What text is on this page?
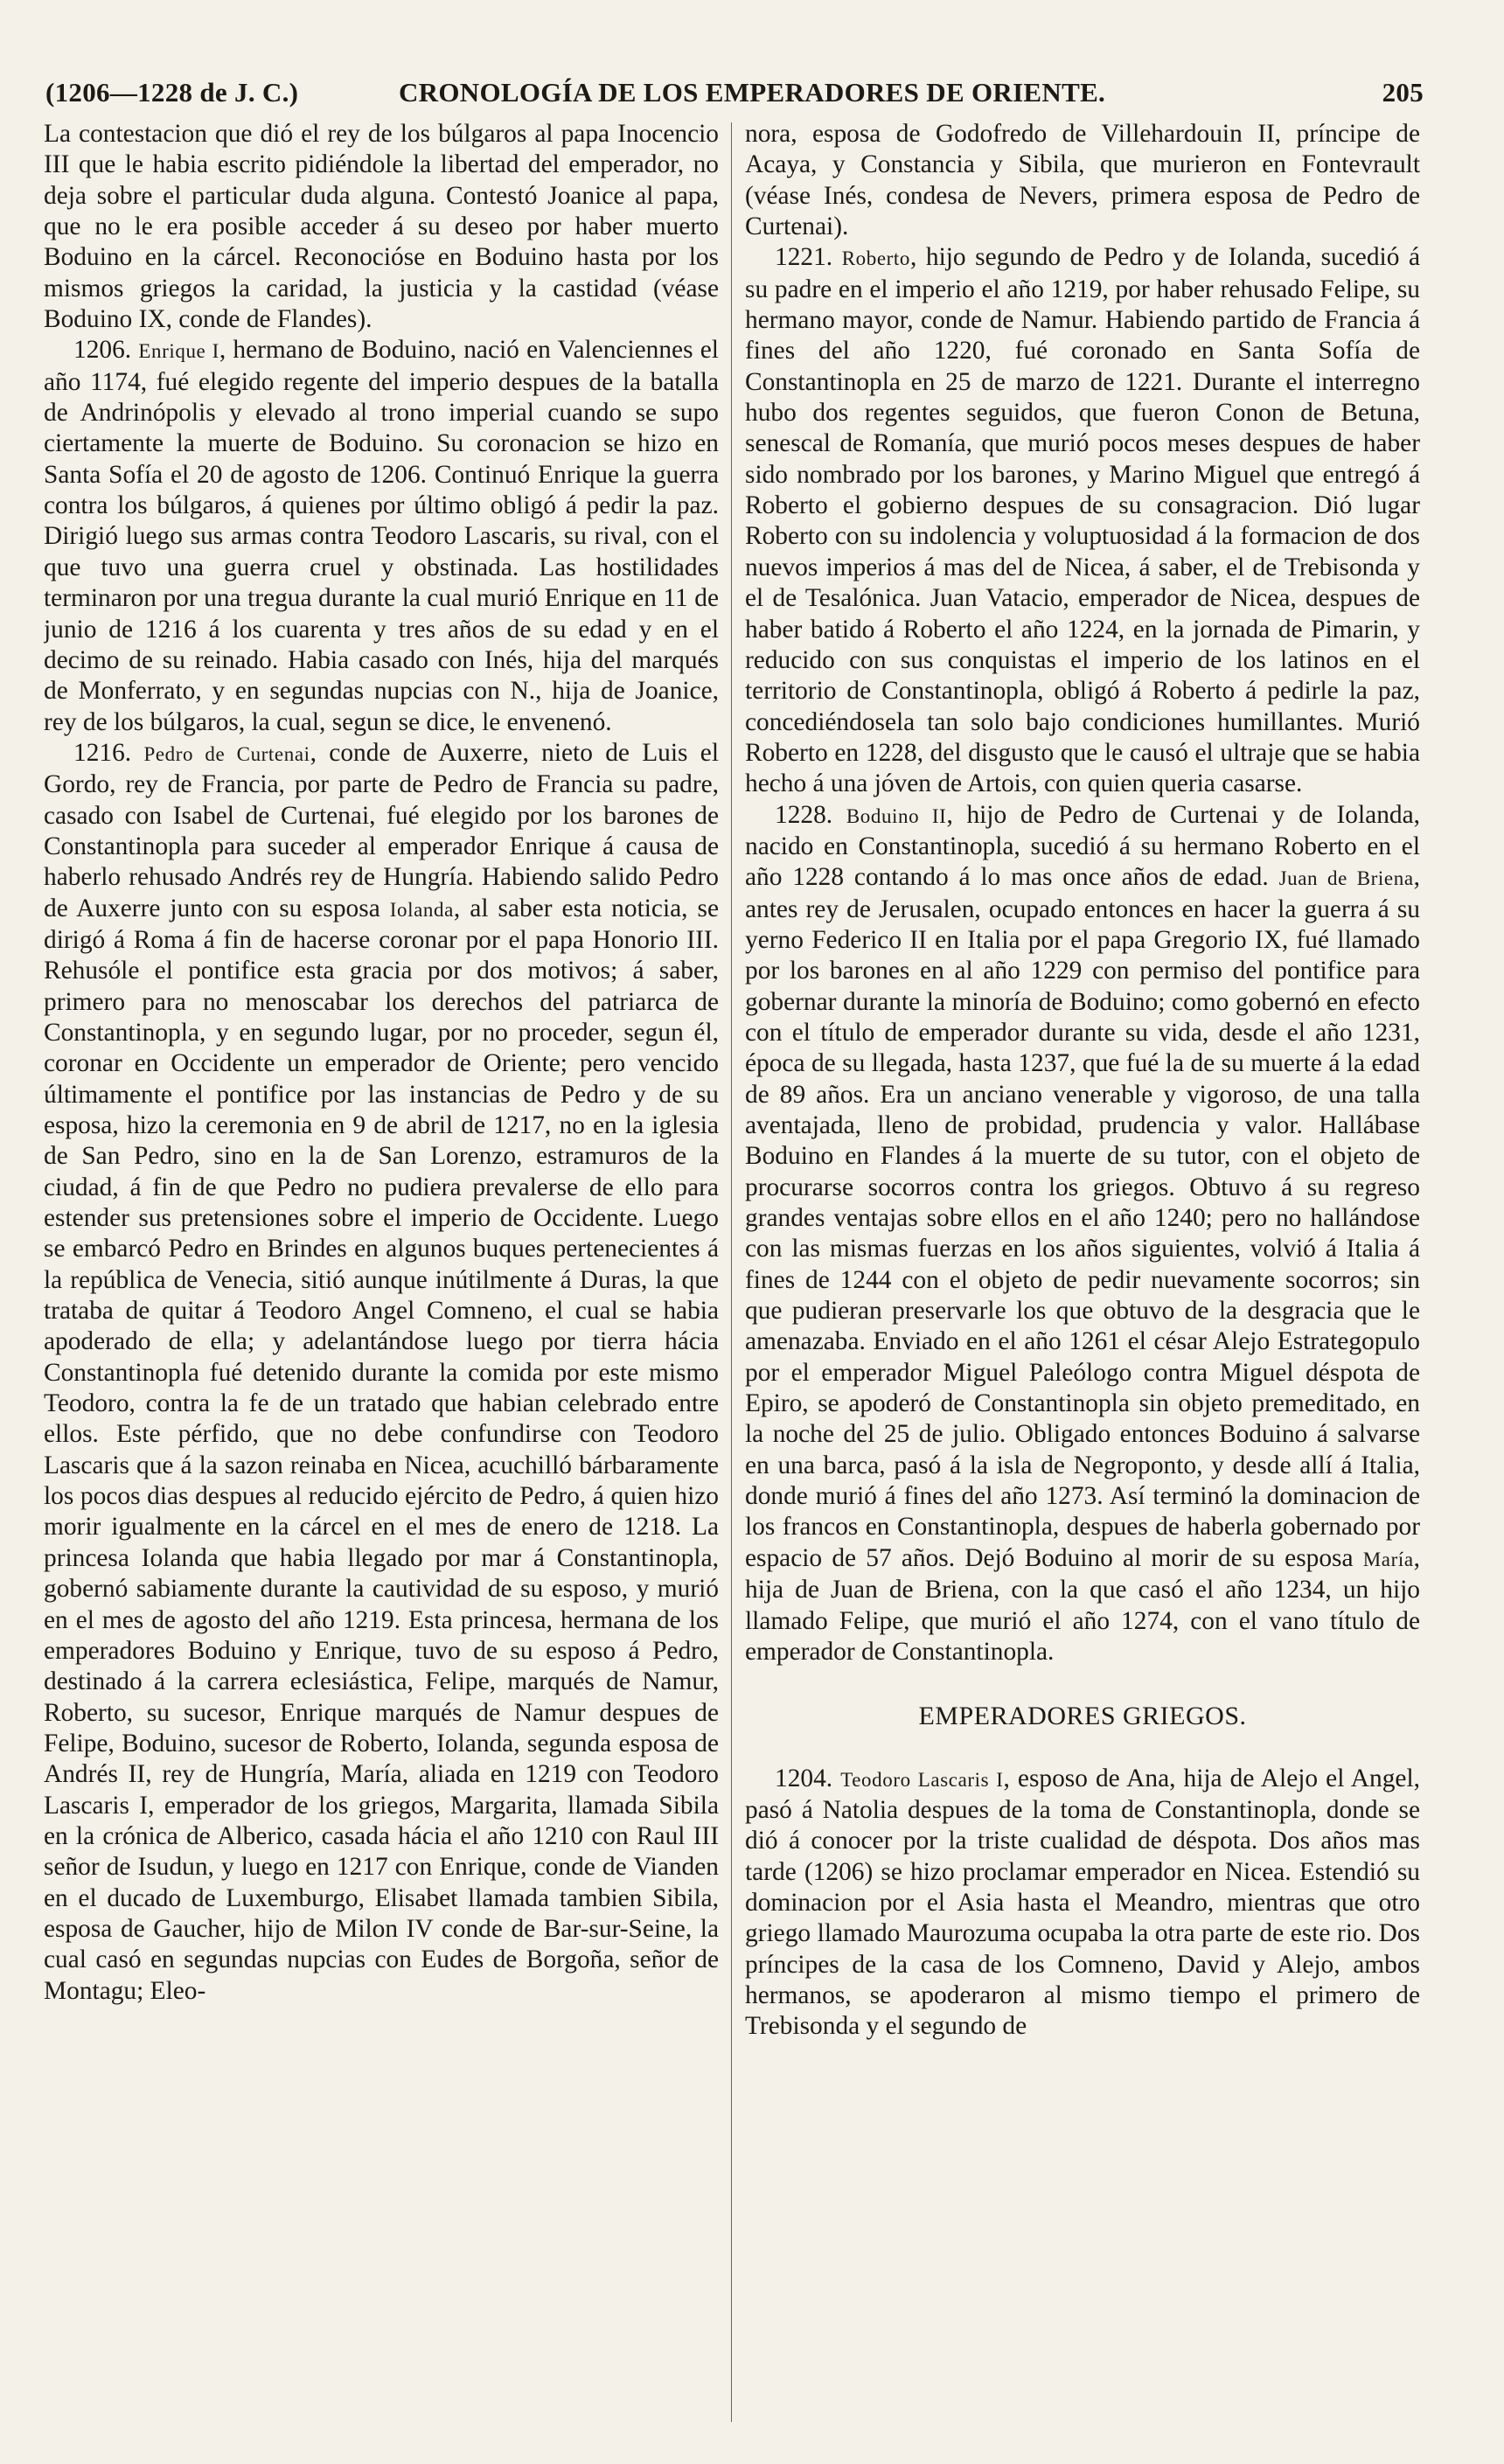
(1206—1228 de J. C.)	CRONOLOGÍA DE LOS EMPERADORES DE ORIENTE.	205

La contestacion que dió el rey de los búlgaros al papa Inocencio III que le habia escrito pidiéndole la libertad del emperador, no deja sobre el particular duda alguna. Contestó Joanice al papa, que no le era posible acceder á su deseo por haber muerto Boduino en la cárcel. Reconocióse en Boduino hasta por los mismos griegos la caridad, la justicia y la castidad (véase Boduino IX, conde de Flandes).

1206. Enrique I, hermano de Boduino, nació en Valenciennes el año 1174, fué elegido regente del imperio despues de la batalla de Andrinópolis y elevado al trono imperial cuando se supo ciertamente la muerte de Boduino. Su coronacion se hizo en Santa Sofía el 20 de agosto de 1206. Continuó Enrique la guerra contra los búlgaros, á quienes por último obligó á pedir la paz. Dirigió luego sus armas contra Teodoro Lascaris, su rival, con el que tuvo una guerra cruel y obstinada. Las hostilidades terminaron por una tregua durante la cual murió Enrique en 11 de junio de 1216 á los cuarenta y tres años de su edad y en el decimo de su reinado. Habia casado con Inés, hija del marqués de Monferrato, y en segundas nupcias con N., hija de Joanice, rey de los búlgaros, la cual, segun se dice, le envenenó.

1216. Pedro de Curtenai, conde de Auxerre, nieto de Luis el Gordo, rey de Francia, por parte de Pedro de Francia su padre, casado con Isabel de Curtenai, fué elegido por los barones de Constantinopla para suceder al emperador Enrique á causa de haberlo rehusado Andrés rey de Hungría. Habiendo salido Pedro de Auxerre junto con su esposa Iolanda, al saber esta noticia, se dirigó á Roma á fin de hacerse coronar por el papa Honorio III. Rehusóle el pontifice esta gracia por dos motivos; á saber, primero para no menoscabar los derechos del patriarca de Constantinopla, y en segundo lugar, por no proceder, segun él, coronar en Occidente un emperador de Oriente; pero vencido últimamente el pontifice por las instancias de Pedro y de su esposa, hizo la ceremonia en 9 de abril de 1217, no en la iglesia de San Pedro, sino en la de San Lorenzo, estramuros de la ciudad, á fin de que Pedro no pudiera prevalerse de ello para estender sus pretensiones sobre el imperio de Occidente. Luego se embarcó Pedro en Brindes en algunos buques pertenecientes á la república de Venecia, sitió aunque inútilmente á Duras, la que trataba de quitar á Teodoro Angel Comneno, el cual se habia apoderado de ella; y adelantándose luego por tierra hácia Constantinopla fué detenido durante la comida por este mismo Teodoro, contra la fe de un tratado que habian celebrado entre ellos. Este pérfido, que no debe confundirse con Teodoro Lascaris que á la sazon reinaba en Nicea, acuchilló bárbaramente los pocos dias despues al reducido ejército de Pedro, á quien hizo morir igualmente en la cárcel en el mes de enero de 1218. La princesa Iolanda que habia llegado por mar á Constantinopla, gobernó sabiamente durante la cautividad de su esposo, y murió en el mes de agosto del año 1219. Esta princesa, hermana de los emperadores Boduino y Enrique, tuvo de su esposo á Pedro, destinado á la carrera eclesiástica, Felipe, marqués de Namur, Roberto, su sucesor, Enrique marqués de Namur despues de Felipe, Boduino, sucesor de Roberto, Iolanda, segunda esposa de Andrés II, rey de Hungría, María, aliada en 1219 con Teodoro Lascaris I, emperador de los griegos, Margarita, llamada Sibila en la crónica de Alberico, casada hácia el año 1210 con Raul III señor de Isudun, y luego en 1217 con Enrique, conde de Vianden en el ducado de Luxemburgo, Elisabet llamada tambien Sibila, esposa de Gaucher, hijo de Milon IV conde de Bar-sur-Seine, la cual casó en segundas nupcias con Eudes de Borgoña, señor de Montagu; Eleo-

nora, esposa de Godofredo de Villehardouin II, príncipe de Acaya, y Constancia y Sibila, que murieron en Fontevrault (véase Inés, condesa de Nevers, primera esposa de Pedro de Curtenai).

1221. Roberto, hijo segundo de Pedro y de Iolanda, sucedió á su padre en el imperio el año 1219, por haber rehusado Felipe, su hermano mayor, conde de Namur. Habiendo partido de Francia á fines del año 1220, fué coronado en Santa Sofía de Constantinopla en 25 de marzo de 1221. Durante el interregno hubo dos regentes seguidos, que fueron Conon de Betuna, senescal de Romanía, que murió pocos meses despues de haber sido nombrado por los barones, y Marino Miguel que entregó á Roberto el gobierno despues de su consagracion. Dió lugar Roberto con su indolencia y voluptuosidad á la formacion de dos nuevos imperios á mas del de Nicea, á saber, el de Trebisonda y el de Tesalónica. Juan Vatacio, emperador de Nicea, despues de haber batido á Roberto el año 1224, en la jornada de Pimarin, y reducido con sus conquistas el imperio de los latinos en el territorio de Constantinopla, obligó á Roberto á pedirle la paz, concediéndosela tan solo bajo condiciones humillantes. Murió Roberto en 1228, del disgusto que le causó el ultraje que se habia hecho á una jóven de Artois, con quien queria casarse.

1228. Boduino II, hijo de Pedro de Curtenai y de Iolanda, nacido en Constantinopla, sucedió á su hermano Roberto en el año 1228 contando á lo mas once años de edad. Juan de Briena, antes rey de Jerusalen, ocupado entonces en hacer la guerra á su yerno Federico II en Italia por el papa Gregorio IX, fué llamado por los barones en al año 1229 con permiso del pontifice para gobernar durante la minoría de Boduino; como gobernó en efecto con el título de emperador durante su vida, desde el año 1231, época de su llegada, hasta 1237, que fué la de su muerte á la edad de 89 años. Era un anciano venerable y vigoroso, de una talla aventajada, lleno de probidad, prudencia y valor. Hallábase Boduino en Flandes á la muerte de su tutor, con el objeto de procurarse socorros contra los griegos. Obtuvo á su regreso grandes ventajas sobre ellos en el año 1240; pero no hallándose con las mismas fuerzas en los años siguientes, volvió á Italia á fines de 1244 con el objeto de pedir nuevamente socorros; sin que pudieran preservarle los que obtuvo de la desgracia que le amenazaba. Enviado en el año 1261 el césar Alejo Estrategopulo por el emperador Miguel Paleólogo contra Miguel déspota de Epiro, se apoderó de Constantinopla sin objeto premeditado, en la noche del 25 de julio. Obligado entonces Boduino á salvarse en una barca, pasó á la isla de Negroponto, y desde allí á Italia, donde murió á fines del año 1273. Así terminó la dominacion de los francos en Constantinopla, despues de haberla gobernado por espacio de 57 años. Dejó Boduino al morir de su esposa María, hija de Juan de Briena, con la que casó el año 1234, un hijo llamado Felipe, que murió el año 1274, con el vano título de emperador de Constantinopla.

EMPERADORES GRIEGOS.

1204. Teodoro Lascaris I, esposo de Ana, hija de Alejo el Angel, pasó á Natolia despues de la toma de Constantinopla, donde se dió á conocer por la triste cualidad de déspota. Dos años mas tarde (1206) se hizo proclamar emperador en Nicea. Estendió su dominacion por el Asia hasta el Meandro, mientras que otro griego llamado Maurozuma ocupaba la otra parte de este rio. Dos príncipes de la casa de los Comneno, David y Alejo, ambos hermanos, se apoderaron al mismo tiempo el primero de Trebisonda y el segundo de
